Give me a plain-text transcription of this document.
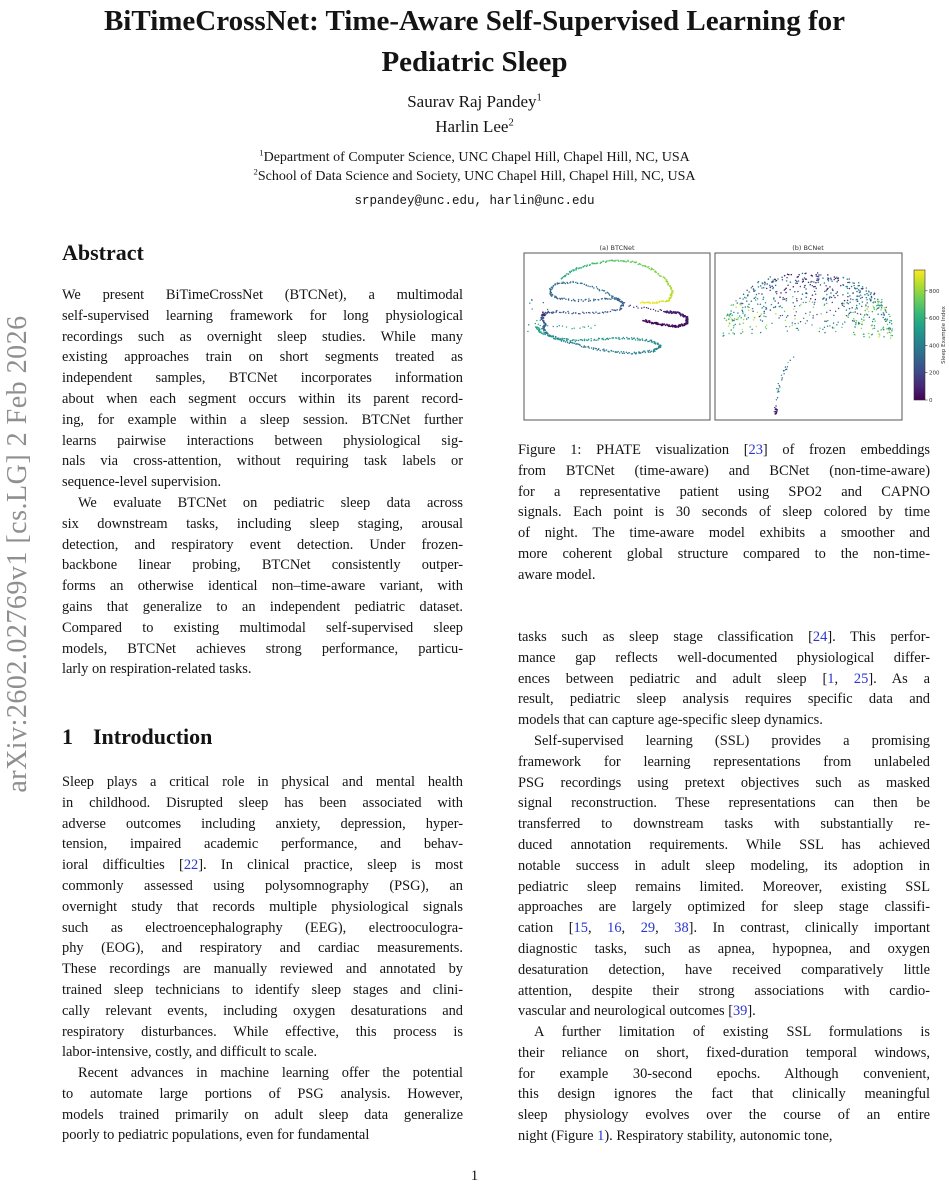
arXiv:2602.02769v1 [cs.LG] 2 Feb 2026
BiTimeCrossNet: Time-Aware Self-Supervised Learning for
Pediatric Sleep
Saurav Raj Pandey$^1$
Harlin Lee$^2$
$^1$Department of Computer Science, UNC Chapel Hill, Chapel Hill, NC, USA
$^2$School of Data Science and Society, UNC Chapel Hill, Chapel Hill, NC, USA
srpandey@unc.edu, harlin@unc.edu
Abstract
We present BiTimeCrossNet (BTCNet), a multimodal
self-supervised learning framework for long physiological
recordings such as overnight sleep studies. While many
existing approaches train on short segments treated as
independent samples, BTCNet incorporates information
about when each segment occurs within its parent record-
ing, for example within a sleep session. BTCNet further
learns pairwise interactions between physiological sig-
nals via cross-attention, without requiring task labels or
sequence-level supervision.
We evaluate BTCNet on pediatric sleep data across
six downstream tasks, including sleep staging, arousal
detection, and respiratory event detection. Under frozen-
backbone linear probing, BTCNet consistently outper-
forms an otherwise identical non–time-aware variant, with
gains that generalize to an independent pediatric dataset.
Compared to existing multimodal self-supervised sleep
models, BTCNet achieves strong performance, particu-
larly on respiration-related tasks.
1 Introduction
Sleep plays a critical role in physical and mental health
in childhood. Disrupted sleep has been associated with
adverse outcomes including anxiety, depression, hyper-
tension, impaired academic performance, and behav-
ioral difficulties [22]. In clinical practice, sleep is most
commonly assessed using polysomnography (PSG), an
overnight study that records multiple physiological signals
such as electroencephalography (EEG), electrooculogra-
phy (EOG), and respiratory and cardiac measurements.
These recordings are manually reviewed and annotated by
trained sleep technicians to identify sleep stages and clini-
cally relevant events, including oxygen desaturations and
respiratory disturbances. While effective, this process is
labor-intensive, costly, and difficult to scale.
Recent advances in machine learning offer the potential
to automate large portions of PSG analysis. However,
models trained primarily on adult sleep data generalize
poorly to pediatric populations, even for fundamental
(a) BTCNet	(b) BCNet
800
600
400
200
0
Sleep Example Index
Figure 1: PHATE visualization [23] of frozen embeddings
from BTCNet (time-aware) and BCNet (non-time-aware)
for a representative patient using SPO2 and CAPNO
signals. Each point is 30 seconds of sleep colored by time
of night. The time-aware model exhibits a smoother and
more coherent global structure compared to the non-time-
aware model.
tasks such as sleep stage classification [24]. This perfor-
mance gap reflects well-documented physiological differ-
ences between pediatric and adult sleep [1, 25]. As a
result, pediatric sleep analysis requires specific data and
models that can capture age-specific sleep dynamics.
Self-supervised learning (SSL) provides a promising
framework for learning representations from unlabeled
PSG recordings using pretext objectives such as masked
signal reconstruction. These representations can then be
transferred to downstream tasks with substantially re-
duced annotation requirements. While SSL has achieved
notable success in adult sleep modeling, its adoption in
pediatric sleep remains limited. Moreover, existing SSL
approaches are largely optimized for sleep stage classifi-
cation [15, 16, 29, 38]. In contrast, clinically important
diagnostic tasks, such as apnea, hypopnea, and oxygen
desaturation detection, have received comparatively little
attention, despite their strong associations with cardio-
vascular and neurological outcomes [39].
A further limitation of existing SSL formulations is
their reliance on short, fixed-duration temporal windows,
for example 30-second epochs. Although convenient,
this design ignores the fact that clinically meaningful
sleep physiology evolves over the course of an entire
night (Figure 1). Respiratory stability, autonomic tone,
1
